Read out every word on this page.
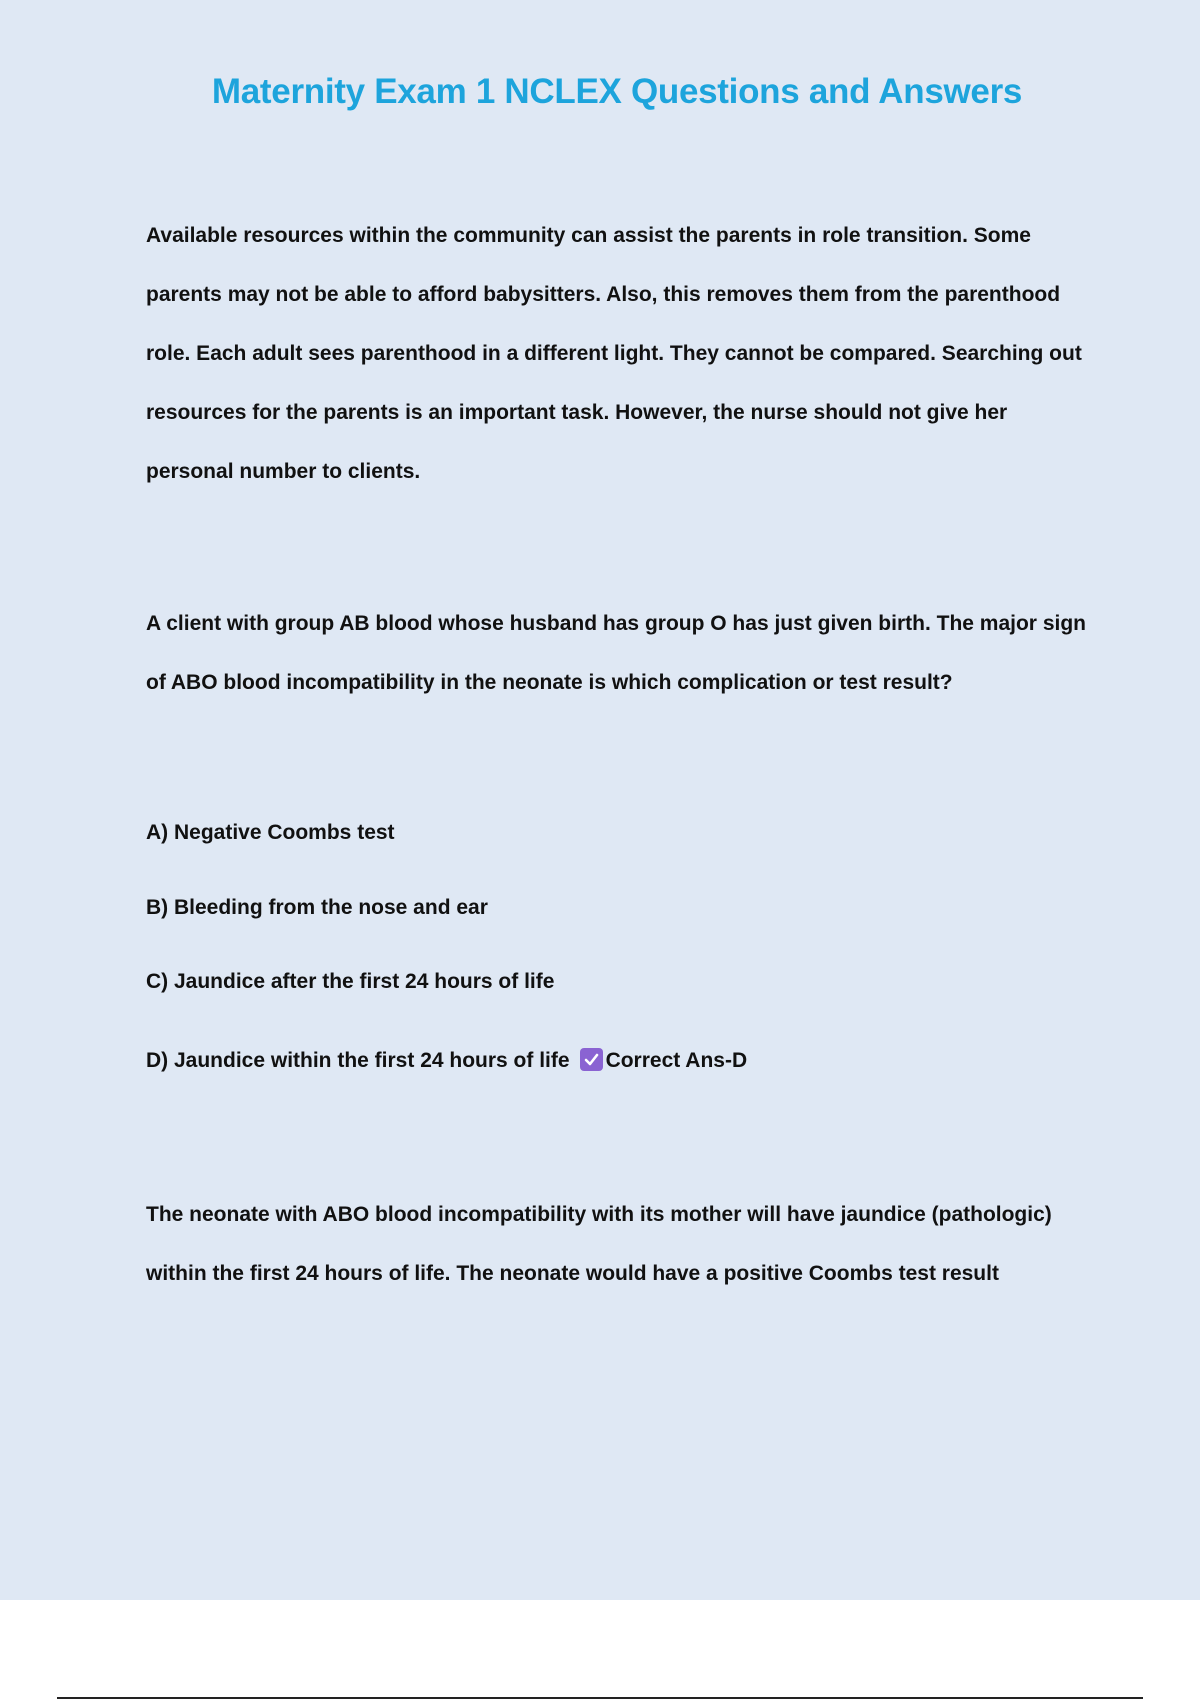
Maternity Exam 1 NCLEX Questions and Answers

Available resources within the community can assist the parents in role transition. Some parents may not be able to afford babysitters. Also, this removes them from the parenthood role. Each adult sees parenthood in a different light. They cannot be compared. Searching out resources for the parents is an important task. However, the nurse should not give her personal number to clients.

A client with group AB blood whose husband has group O has just given birth. The major sign of ABO blood incompatibility in the neonate is which complication or test result?

A) Negative Coombs test
B) Bleeding from the nose and ear
C) Jaundice after the first 24 hours of life
D) Jaundice within the first 24 hours of life Correct Ans-D

The neonate with ABO blood incompatibility with its mother will have jaundice (pathologic) within the first 24 hours of life. The neonate would have a positive Coombs test result
